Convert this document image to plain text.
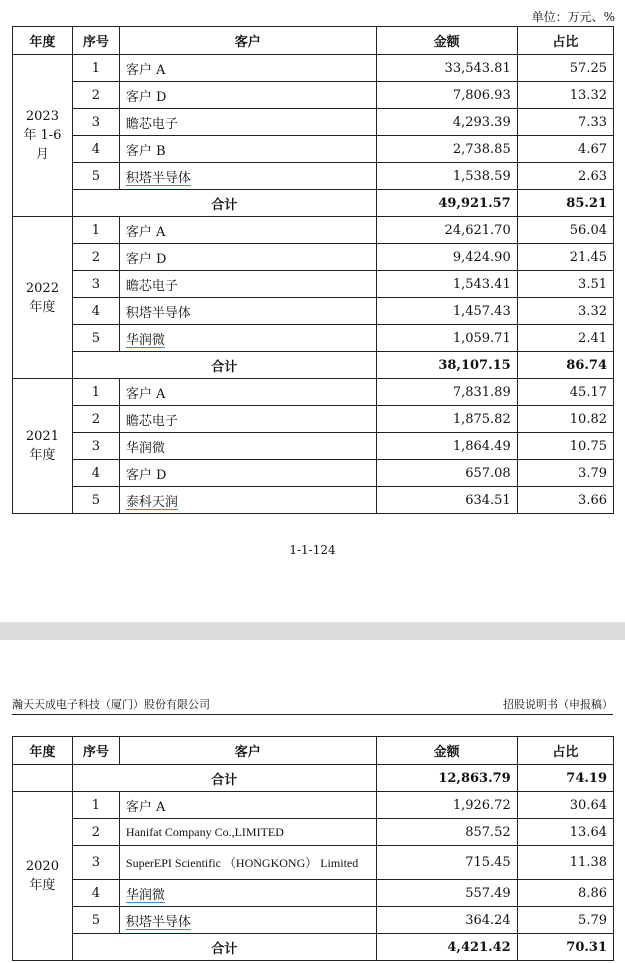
单位：万元、%
年度	序号	客户	金额	占比
2023 年 1-6 月	1	客户 A	33,543.81	57.25
	2	客户 D	7,806.93	13.32
	3	瞻芯电子	4,293.39	7.33
	4	客户 B	2,738.85	4.67
	5	积塔半导体	1,538.59	2.63
	合计		49,921.57	85.21
2022 年度	1	客户 A	24,621.70	56.04
	2	客户 D	9,424.90	21.45
	3	瞻芯电子	1,543.41	3.51
	4	积塔半导体	1,457.43	3.32
	5	华润微	1,059.71	2.41
	合计		38,107.15	86.74
2021 年度	1	客户 A	7,831.89	45.17
	2	瞻芯电子	1,875.82	10.82
	3	华润微	1,864.49	10.75
	4	客户 D	657.08	3.79
	5	泰科天润	634.51	3.66
1-1-124
瀚天天成电子科技（厦门）股份有限公司	招股说明书（申报稿）
年度	序号	客户	金额	占比
	合计		12,863.79	74.19
2020 年度	1	客户 A	1,926.72	30.64
	2	Hanifat Company Co.,LIMITED	857.52	13.64
	3	SuperEPI Scientific （HONGKONG） Limited	715.45	11.38
	4	华润微	557.49	8.86
	5	积塔半导体	364.24	5.79
	合计		4,421.42	70.31
